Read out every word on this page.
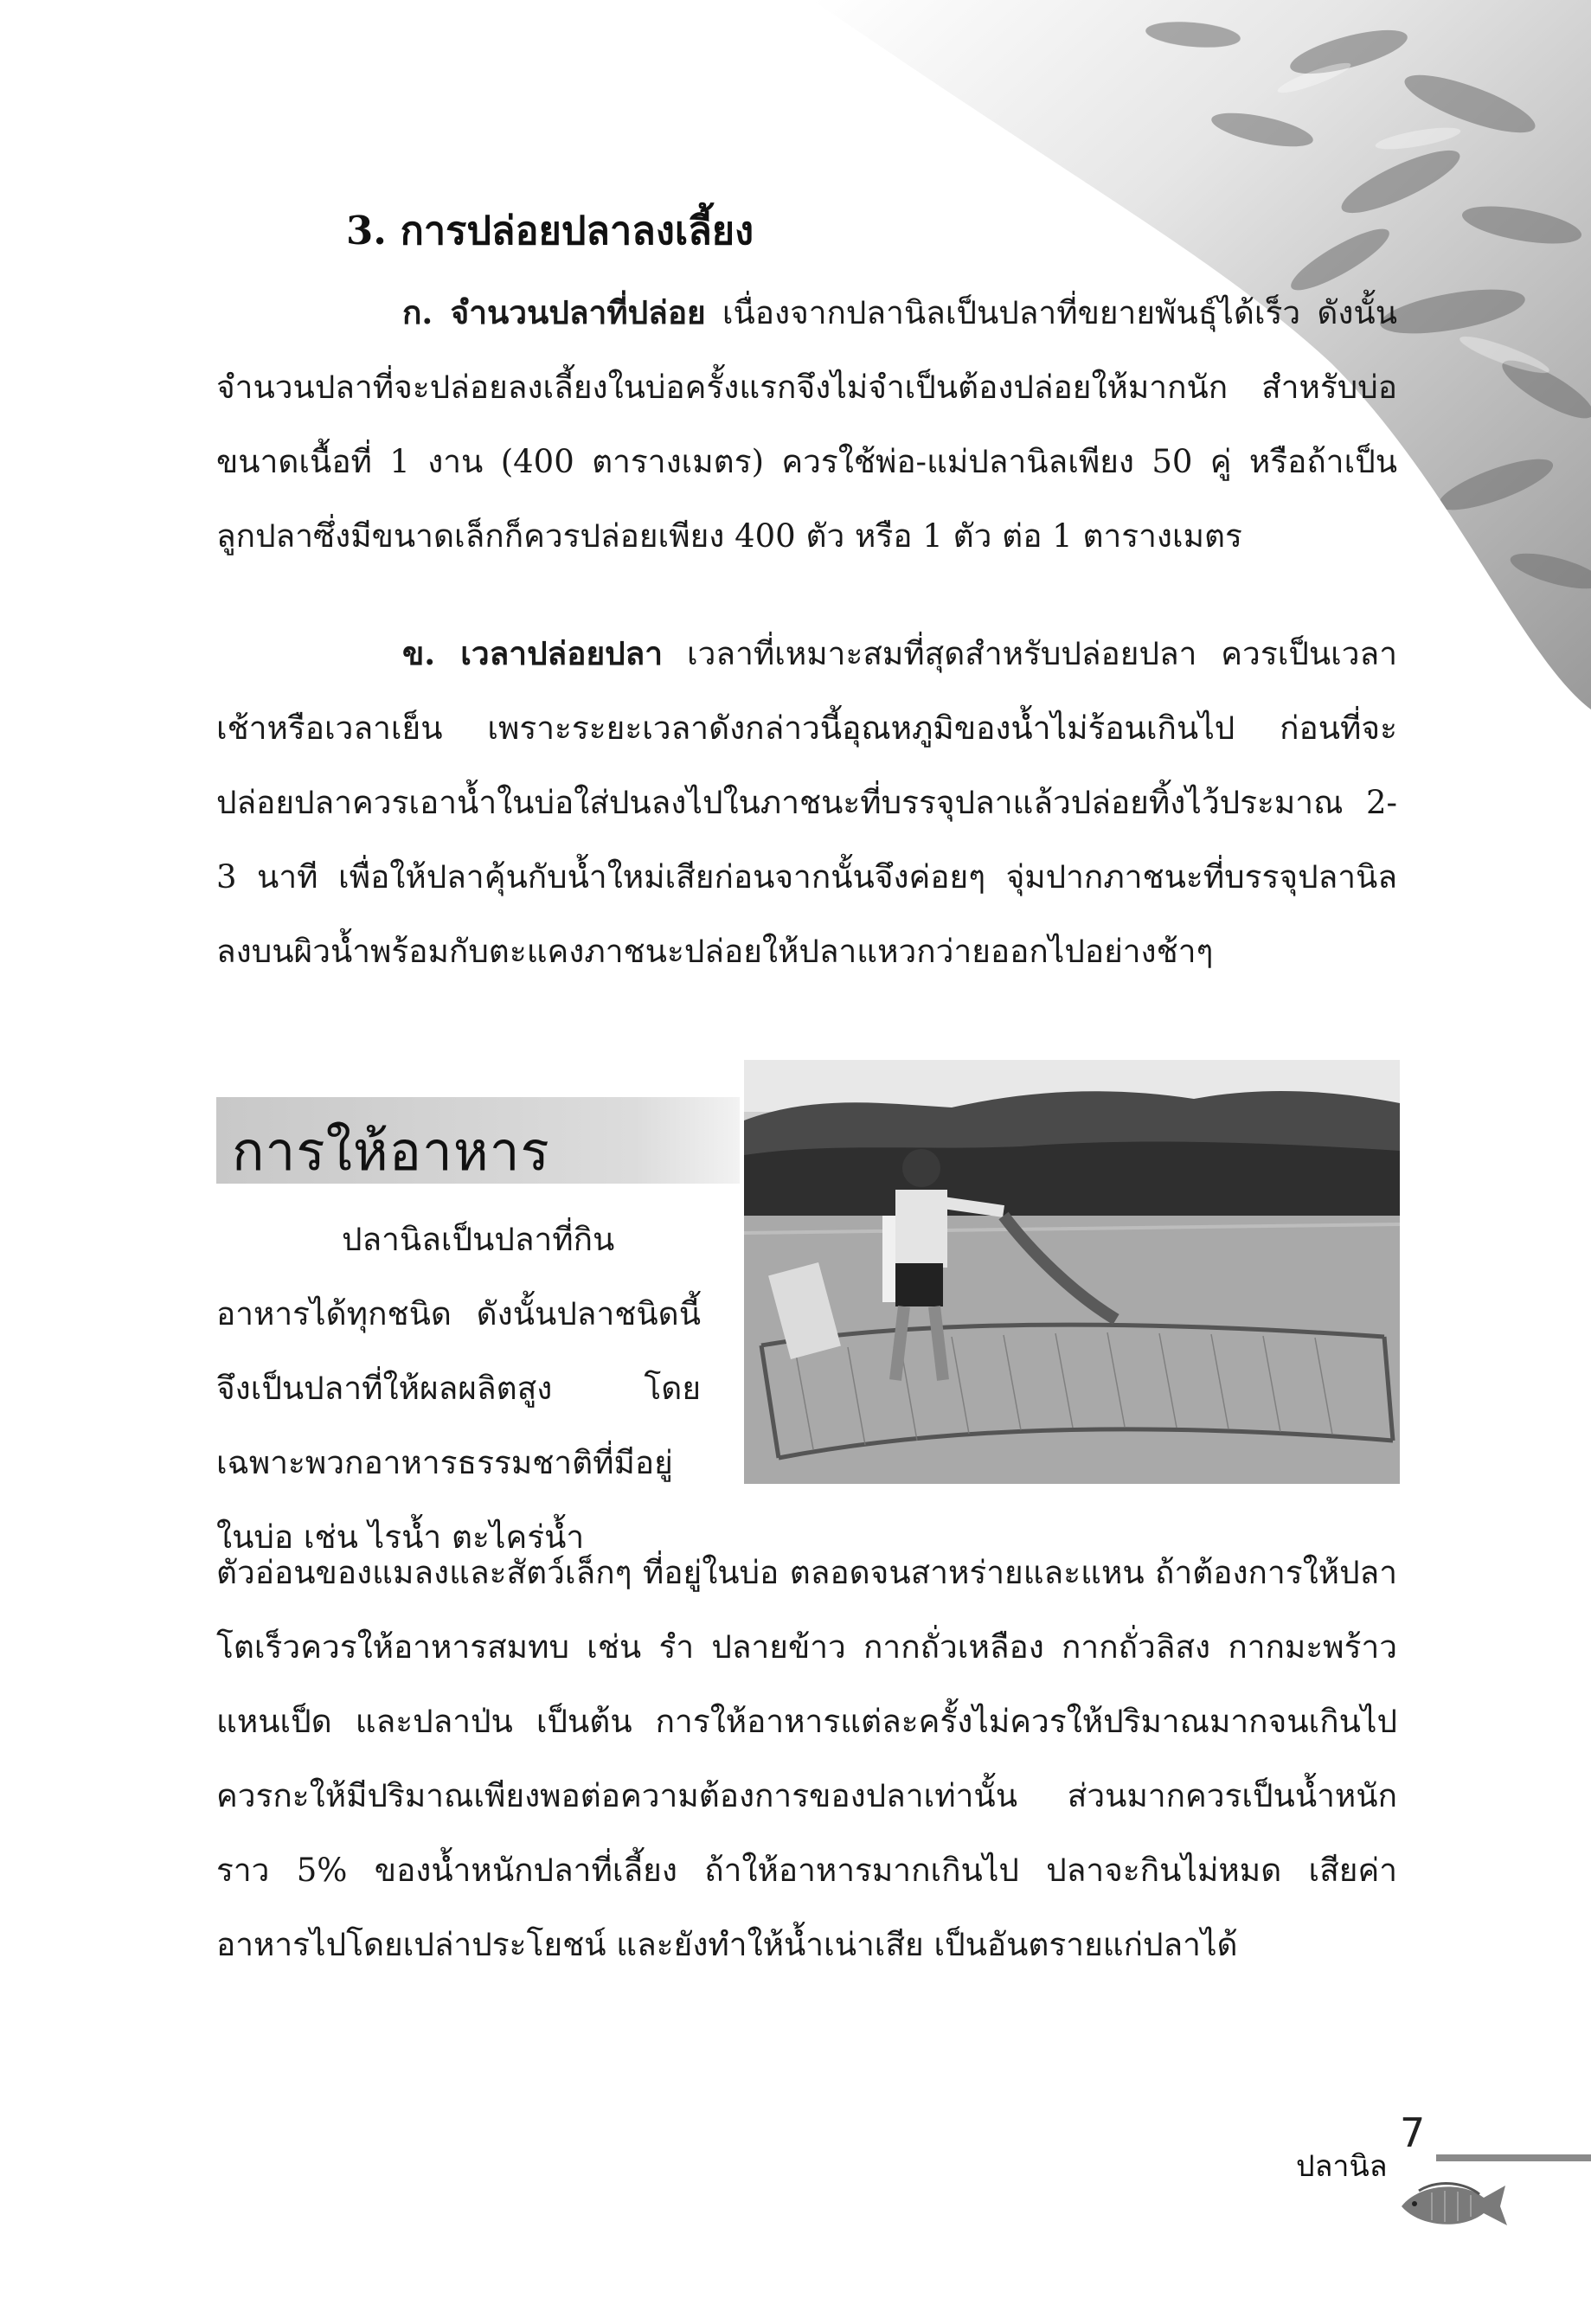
3. การปล่อยปลาลงเลี้ยง

ก. จำนวนปลาที่ปล่อย เนื่องจากปลานิลเป็นปลาที่ขยายพันธุ์ได้เร็ว ดังนั้นจำนวนปลาที่จะปล่อยลงเลี้ยงในบ่อครั้งแรกจึงไม่จำเป็นต้องปล่อยให้มากนัก สำหรับบ่อขนาดเนื้อที่ 1 งาน (400 ตารางเมตร) ควรใช้พ่อ-แม่ปลานิลเพียง 50 คู่ หรือถ้าเป็นลูกปลาซึ่งมีขนาดเล็กก็ควรปล่อยเพียง 400 ตัว หรือ 1 ตัว ต่อ 1 ตารางเมตร

ข. เวลาปล่อยปลา เวลาที่เหมาะสมที่สุดสำหรับปล่อยปลา ควรเป็นเวลาเช้าหรือเวลาเย็น เพราะระยะเวลาดังกล่าวนี้อุณหภูมิของน้ำไม่ร้อนเกินไป ก่อนที่จะปล่อยปลาควรเอาน้ำในบ่อใส่ปนลงไปในภาชนะที่บรรจุปลาแล้วปล่อยทิ้งไว้ประมาณ 2-3 นาที เพื่อให้ปลาคุ้นกับน้ำใหม่เสียก่อนจากนั้นจึงค่อยๆ จุ่มปากภาชนะที่บรรจุปลานิลลงบนผิวน้ำพร้อมกับตะแคงภาชนะปล่อยให้ปลาแหวกว่ายออกไปอย่างช้าๆ

การให้อาหาร

ปลานิลเป็นปลาที่กินอาหารได้ทุกชนิด ดังนั้นปลาชนิดนี้จึงเป็นปลาที่ให้ผลผลิตสูง โดยเฉพาะพวกอาหารธรรมชาติที่มีอยู่ในบ่อ เช่น ไรน้ำ ตะไคร่น้ำ

ตัวอ่อนของแมลงและสัตว์เล็กๆ ที่อยู่ในบ่อ ตลอดจนสาหร่ายและแหน ถ้าต้องการให้ปลาโตเร็วควรให้อาหารสมทบ เช่น รำ ปลายข้าว กากถั่วเหลือง กากถั่วลิสง กากมะพร้าว แหนเป็ด และปลาป่น เป็นต้น การให้อาหารแต่ละครั้งไม่ควรให้ปริมาณมากจนเกินไป ควรกะให้มีปริมาณเพียงพอต่อความต้องการของปลาเท่านั้น ส่วนมากควรเป็นน้ำหนักราว 5% ของน้ำหนักปลาที่เลี้ยง ถ้าให้อาหารมากเกินไป ปลาจะกินไม่หมด เสียค่าอาหารไปโดยเปล่าประโยชน์ และยังทำให้น้ำเน่าเสีย เป็นอันตรายแก่ปลาได้

7
ปลานิล
